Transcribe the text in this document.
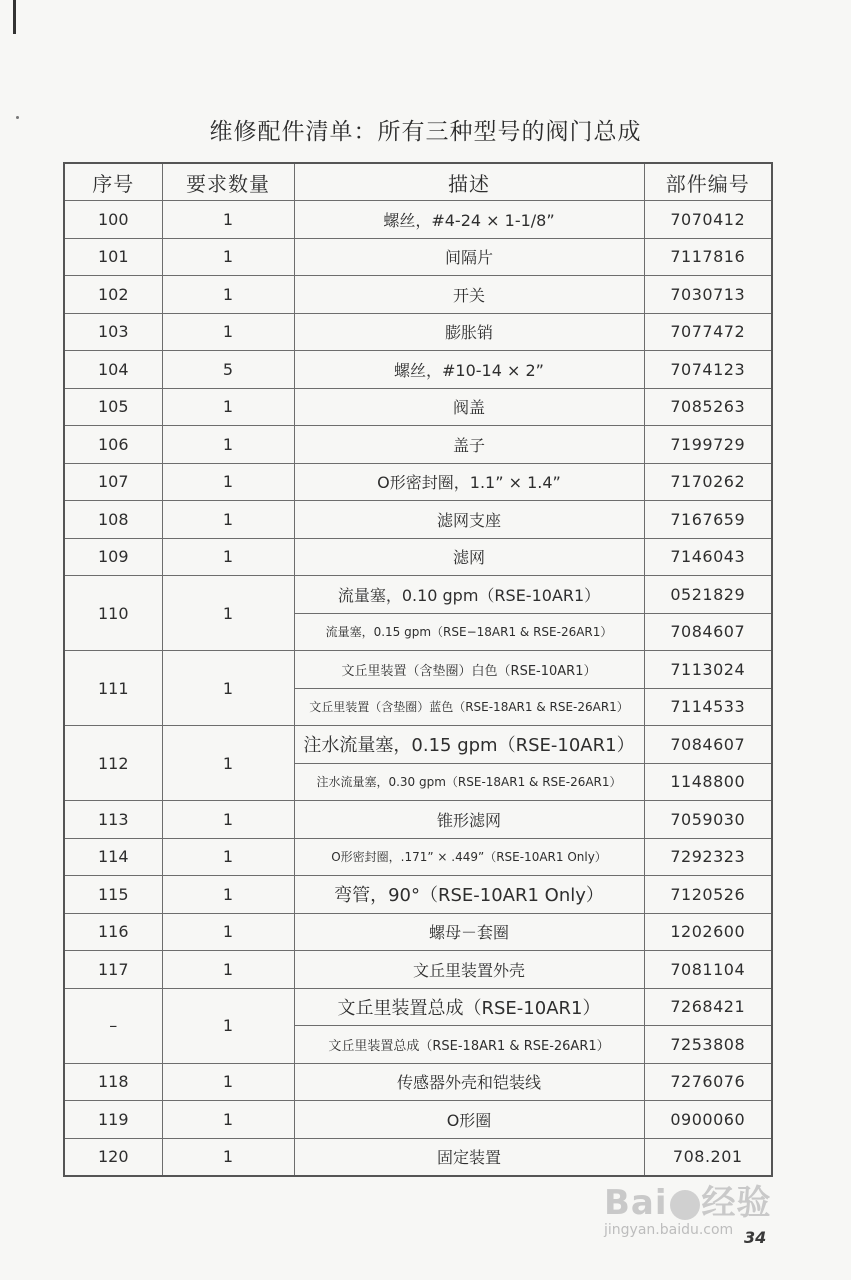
维修配件清单：所有三种型号的阀门总成
序号	要求数量	描述	部件编号
100	1	螺丝，#4-24 × 1-1/8”	7070412
101	1	间隔片	7117816
102	1	开关	7030713
103	1	膨胀销	7077472
104	5	螺丝，#10-14 × 2”	7074123
105	1	阀盖	7085263
106	1	盖子	7199729
107	1	O形密封圈，1.1” × 1.4”	7170262
108	1	滤网支座	7167659
109	1	滤网	7146043
110	1	流量塞，0.10 gpm（RSE-10AR1）	0521829
		流量塞，0.15 gpm（RSE−18AR1 & RSE-26AR1）	7084607
111	1	文丘里装置（含垫圈）白色（RSE-10AR1）	7113024
		文丘里装置（含垫圈）蓝色（RSE-18AR1 & RSE-26AR1）	7114533
112	1	注水流量塞，0.15 gpm（RSE-10AR1）	7084607
		注水流量塞，0.30 gpm（RSE-18AR1 & RSE-26AR1）	1148800
113	1	锥形滤网	7059030
114	1	O形密封圈，.171” × .449”（RSE-10AR1 Only）	7292323
115	1	弯管，90°（RSE-10AR1 Only）	7120526
116	1	螺母－套圈	1202600
117	1	文丘里装置外壳	7081104
–	1	文丘里装置总成（RSE-10AR1）	7268421
		文丘里装置总成（RSE-18AR1 & RSE-26AR1）	7253808
118	1	传感器外壳和铠装线	7276076
119	1	O形圈	0900060
120	1	固定装置	708.201
Bai 经验
jingyan.baidu.com 34
